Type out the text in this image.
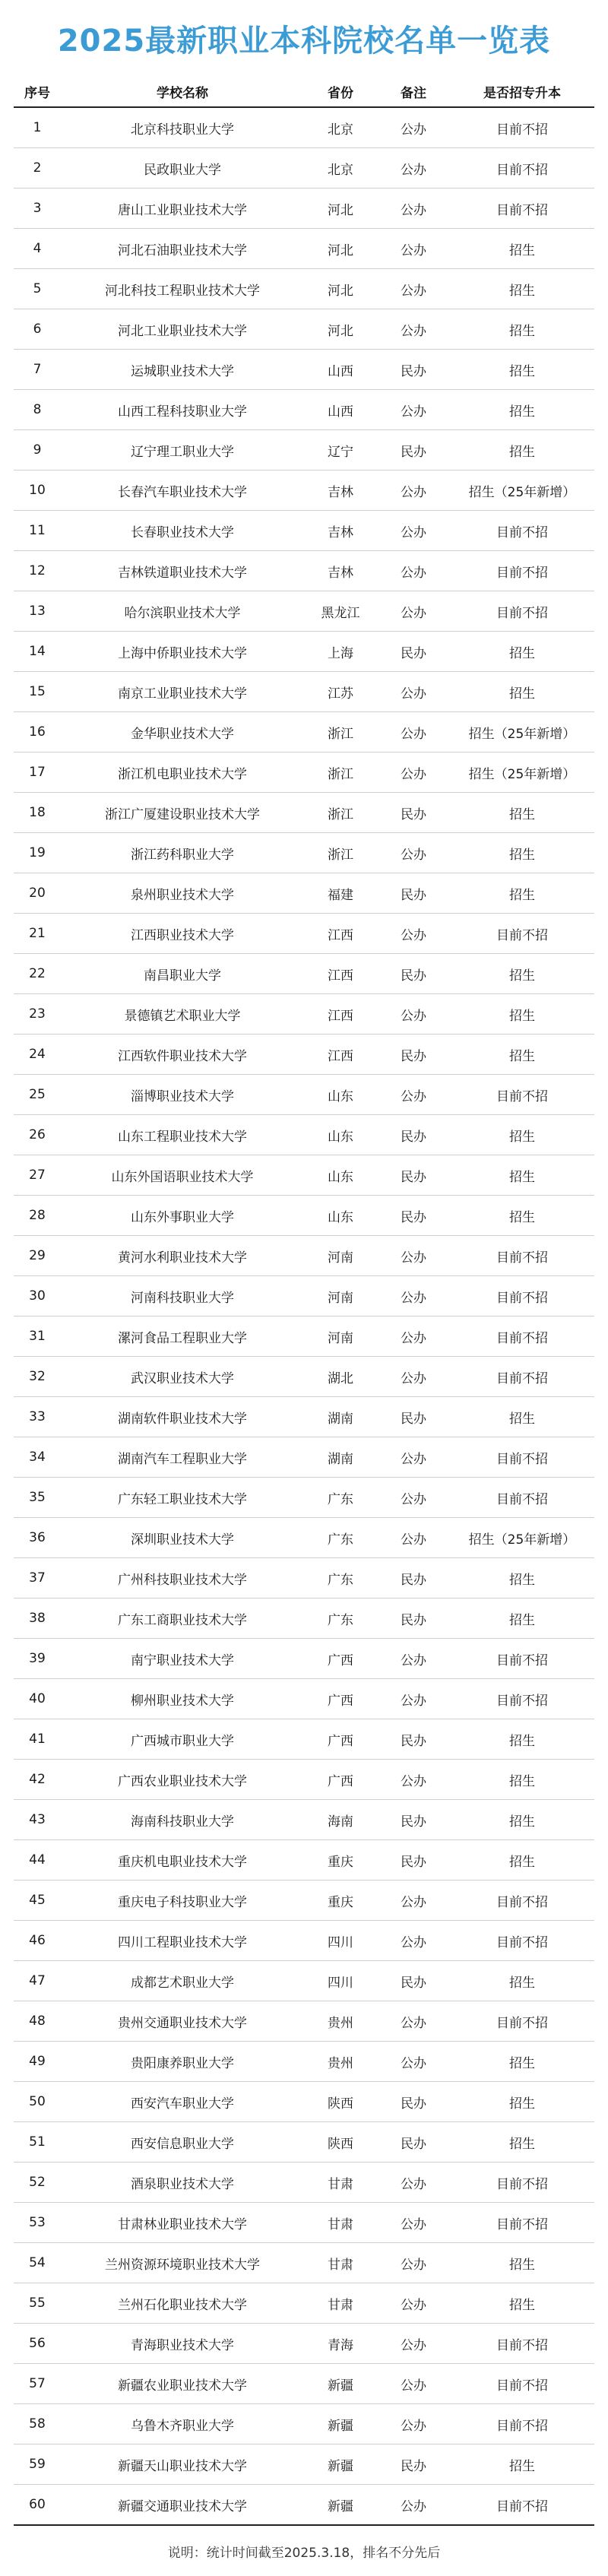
2025最新职业本科院校名单一览表
序号	学校名称	省份	备注	是否招专升本
1	北京科技职业大学	北京	公办	目前不招
2	民政职业大学	北京	公办	目前不招
3	唐山工业职业技术大学	河北	公办	目前不招
4	河北石油职业技术大学	河北	公办	招生
5	河北科技工程职业技术大学	河北	公办	招生
6	河北工业职业技术大学	河北	公办	招生
7	运城职业技术大学	山西	民办	招生
8	山西工程科技职业大学	山西	公办	招生
9	辽宁理工职业大学	辽宁	民办	招生
10	长春汽车职业技术大学	吉林	公办	招生（25年新增）
11	长春职业技术大学	吉林	公办	目前不招
12	吉林铁道职业技术大学	吉林	公办	目前不招
13	哈尔滨职业技术大学	黑龙江	公办	目前不招
14	上海中侨职业技术大学	上海	民办	招生
15	南京工业职业技术大学	江苏	公办	招生
16	金华职业技术大学	浙江	公办	招生（25年新增）
17	浙江机电职业技术大学	浙江	公办	招生（25年新增）
18	浙江广厦建设职业技术大学	浙江	民办	招生
19	浙江药科职业大学	浙江	公办	招生
20	泉州职业技术大学	福建	民办	招生
21	江西职业技术大学	江西	公办	目前不招
22	南昌职业大学	江西	民办	招生
23	景德镇艺术职业大学	江西	公办	招生
24	江西软件职业技术大学	江西	民办	招生
25	淄博职业技术大学	山东	公办	目前不招
26	山东工程职业技术大学	山东	民办	招生
27	山东外国语职业技术大学	山东	民办	招生
28	山东外事职业大学	山东	民办	招生
29	黄河水利职业技术大学	河南	公办	目前不招
30	河南科技职业大学	河南	公办	目前不招
31	漯河食品工程职业大学	河南	公办	目前不招
32	武汉职业技术大学	湖北	公办	目前不招
33	湖南软件职业技术大学	湖南	民办	招生
34	湖南汽车工程职业大学	湖南	公办	目前不招
35	广东轻工职业技术大学	广东	公办	目前不招
36	深圳职业技术大学	广东	公办	招生（25年新增）
37	广州科技职业技术大学	广东	民办	招生
38	广东工商职业技术大学	广东	民办	招生
39	南宁职业技术大学	广西	公办	目前不招
40	柳州职业技术大学	广西	公办	目前不招
41	广西城市职业大学	广西	民办	招生
42	广西农业职业技术大学	广西	公办	招生
43	海南科技职业大学	海南	民办	招生
44	重庆机电职业技术大学	重庆	民办	招生
45	重庆电子科技职业大学	重庆	公办	目前不招
46	四川工程职业技术大学	四川	公办	目前不招
47	成都艺术职业大学	四川	民办	招生
48	贵州交通职业技术大学	贵州	公办	目前不招
49	贵阳康养职业大学	贵州	公办	招生
50	西安汽车职业大学	陕西	民办	招生
51	西安信息职业大学	陕西	民办	招生
52	酒泉职业技术大学	甘肃	公办	目前不招
53	甘肃林业职业技术大学	甘肃	公办	目前不招
54	兰州资源环境职业技术大学	甘肃	公办	招生
55	兰州石化职业技术大学	甘肃	公办	招生
56	青海职业技术大学	青海	公办	目前不招
57	新疆农业职业技术大学	新疆	公办	目前不招
58	乌鲁木齐职业大学	新疆	公办	目前不招
59	新疆天山职业技术大学	新疆	民办	招生
60	新疆交通职业技术大学	新疆	公办	目前不招
说明：统计时间截至2025.3.18，排名不分先后
